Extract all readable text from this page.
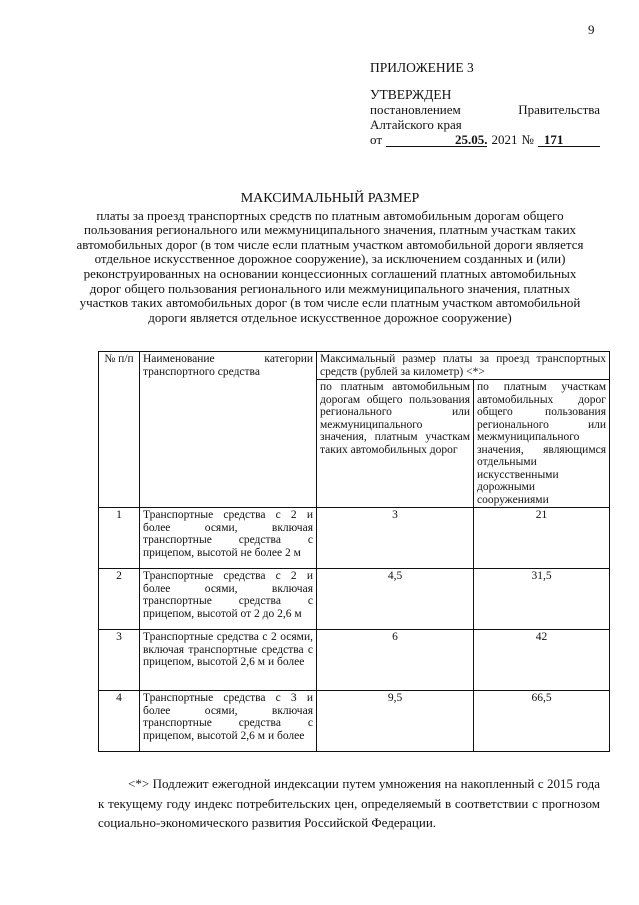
9
ПРИЛОЖЕНИЕ 3
УТВЕРЖДЕН
постановлением	Правительства
Алтайского края
от	25.05. 2021 № 171
МАКСИМАЛЬНЫЙ РАЗМЕР
платы за проезд транспортных средств по платным автомобильным дорогам общего пользования регионального или межмуниципального значения, платным участкам таких автомобильных дорог (в том числе если платным участком автомобильной дороги является отдельное искусственное дорожное сооружение), за исключением созданных и (или) реконструированных на основании концессионных соглашений платных автомобильных дорог общего пользования регионального или межмуниципального значения, платных участков таких автомобильных дорог (в том числе если платным участком автомобильной дороги является отдельное искусственное дорожное сооружение)
№ п/п	Наименование категории транспортного средства	Максимальный размер платы за проезд транспортных средств (рублей за километр) <*>	
		по платным автомобильным дорогам общего пользования регионального или межмуниципального значения, платным участкам таких автомобильных дорог	по платным участкам автомобильных дорог общего пользования регионального или межмуниципального значения, являющимся отдельными искусственными дорожными сооружениями
1	Транспортные средства с 2 и более осями, включая транспортные средства с прицепом, высотой не более 2 м	3	21
2	Транспортные средства с 2 и более осями, включая транспортные средства с прицепом, высотой от 2 до 2,6 м	4,5	31,5
3	Транспортные средства с 2 осями, включая транспортные средства с прицепом, высотой 2,6 м и более	6	42
4	Транспортные средства с 3 и более осями, включая транспортные средства с прицепом, высотой 2,6 м и более	9,5	66,5
<*> Подлежит ежегодной индексации путем умножения на накопленный с 2015 года к текущему году индекс потребительских цен, определяемый в соответствии с прогнозом социально-экономического развития Российской Федерации.
